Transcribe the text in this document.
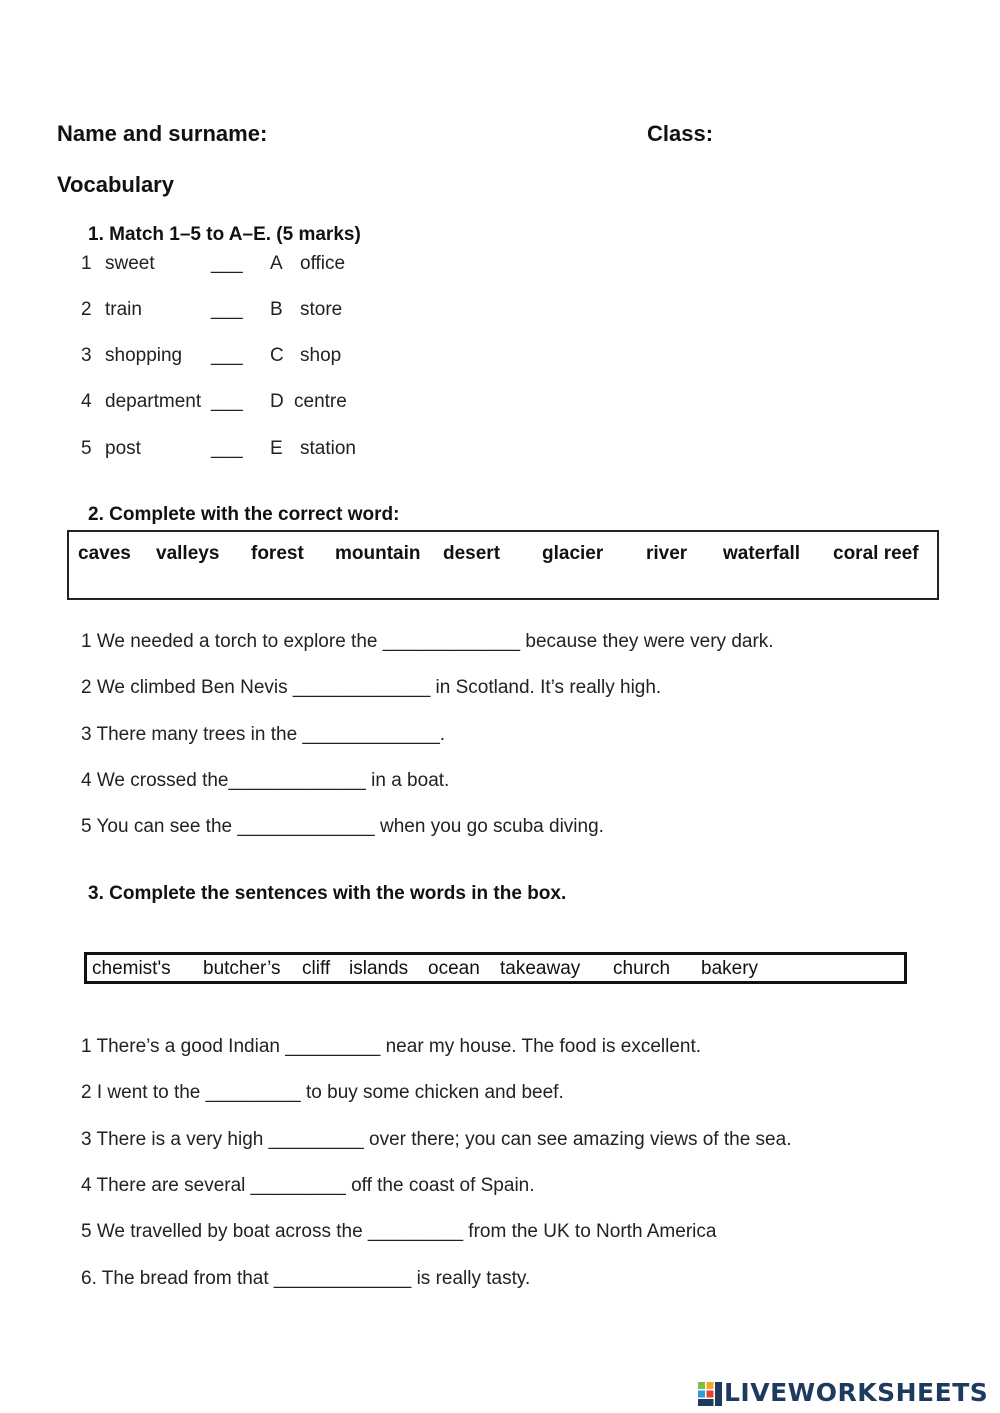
Name and surname:	Class:
Vocabulary
1. Match 1–5 to A–E. (5 marks)
1 sweet	___ A office
2 train	___ B store
3 shopping ___ C shop
4 department ___ D centre
5 post	___ E station
2. Complete with the correct word:
caves valleys forest mountain desert glacier river waterfall coral reef
1 We needed a torch to explore the _____________ because they were very dark.
2 We climbed Ben Nevis _____________ in Scotland. It’s really high.
3 There many trees in the _____________.
4 We crossed the_____________ in a boat.
5 You can see the _____________ when you go scuba diving.
3. Complete the sentences with the words in the box.
chemist's butcher’s cliff islands ocean takeaway church bakery
1 There’s a good Indian _________ near my house. The food is excellent.
2 I went to the _________ to buy some chicken and beef.
3 There is a very high _________ over there; you can see amazing views of the sea.
4 There are several _________ off the coast of Spain.
5 We travelled by boat across the _________ from the UK to North America
6. The bread from that _____________ is really tasty.
LIVEWORKSHEETS
